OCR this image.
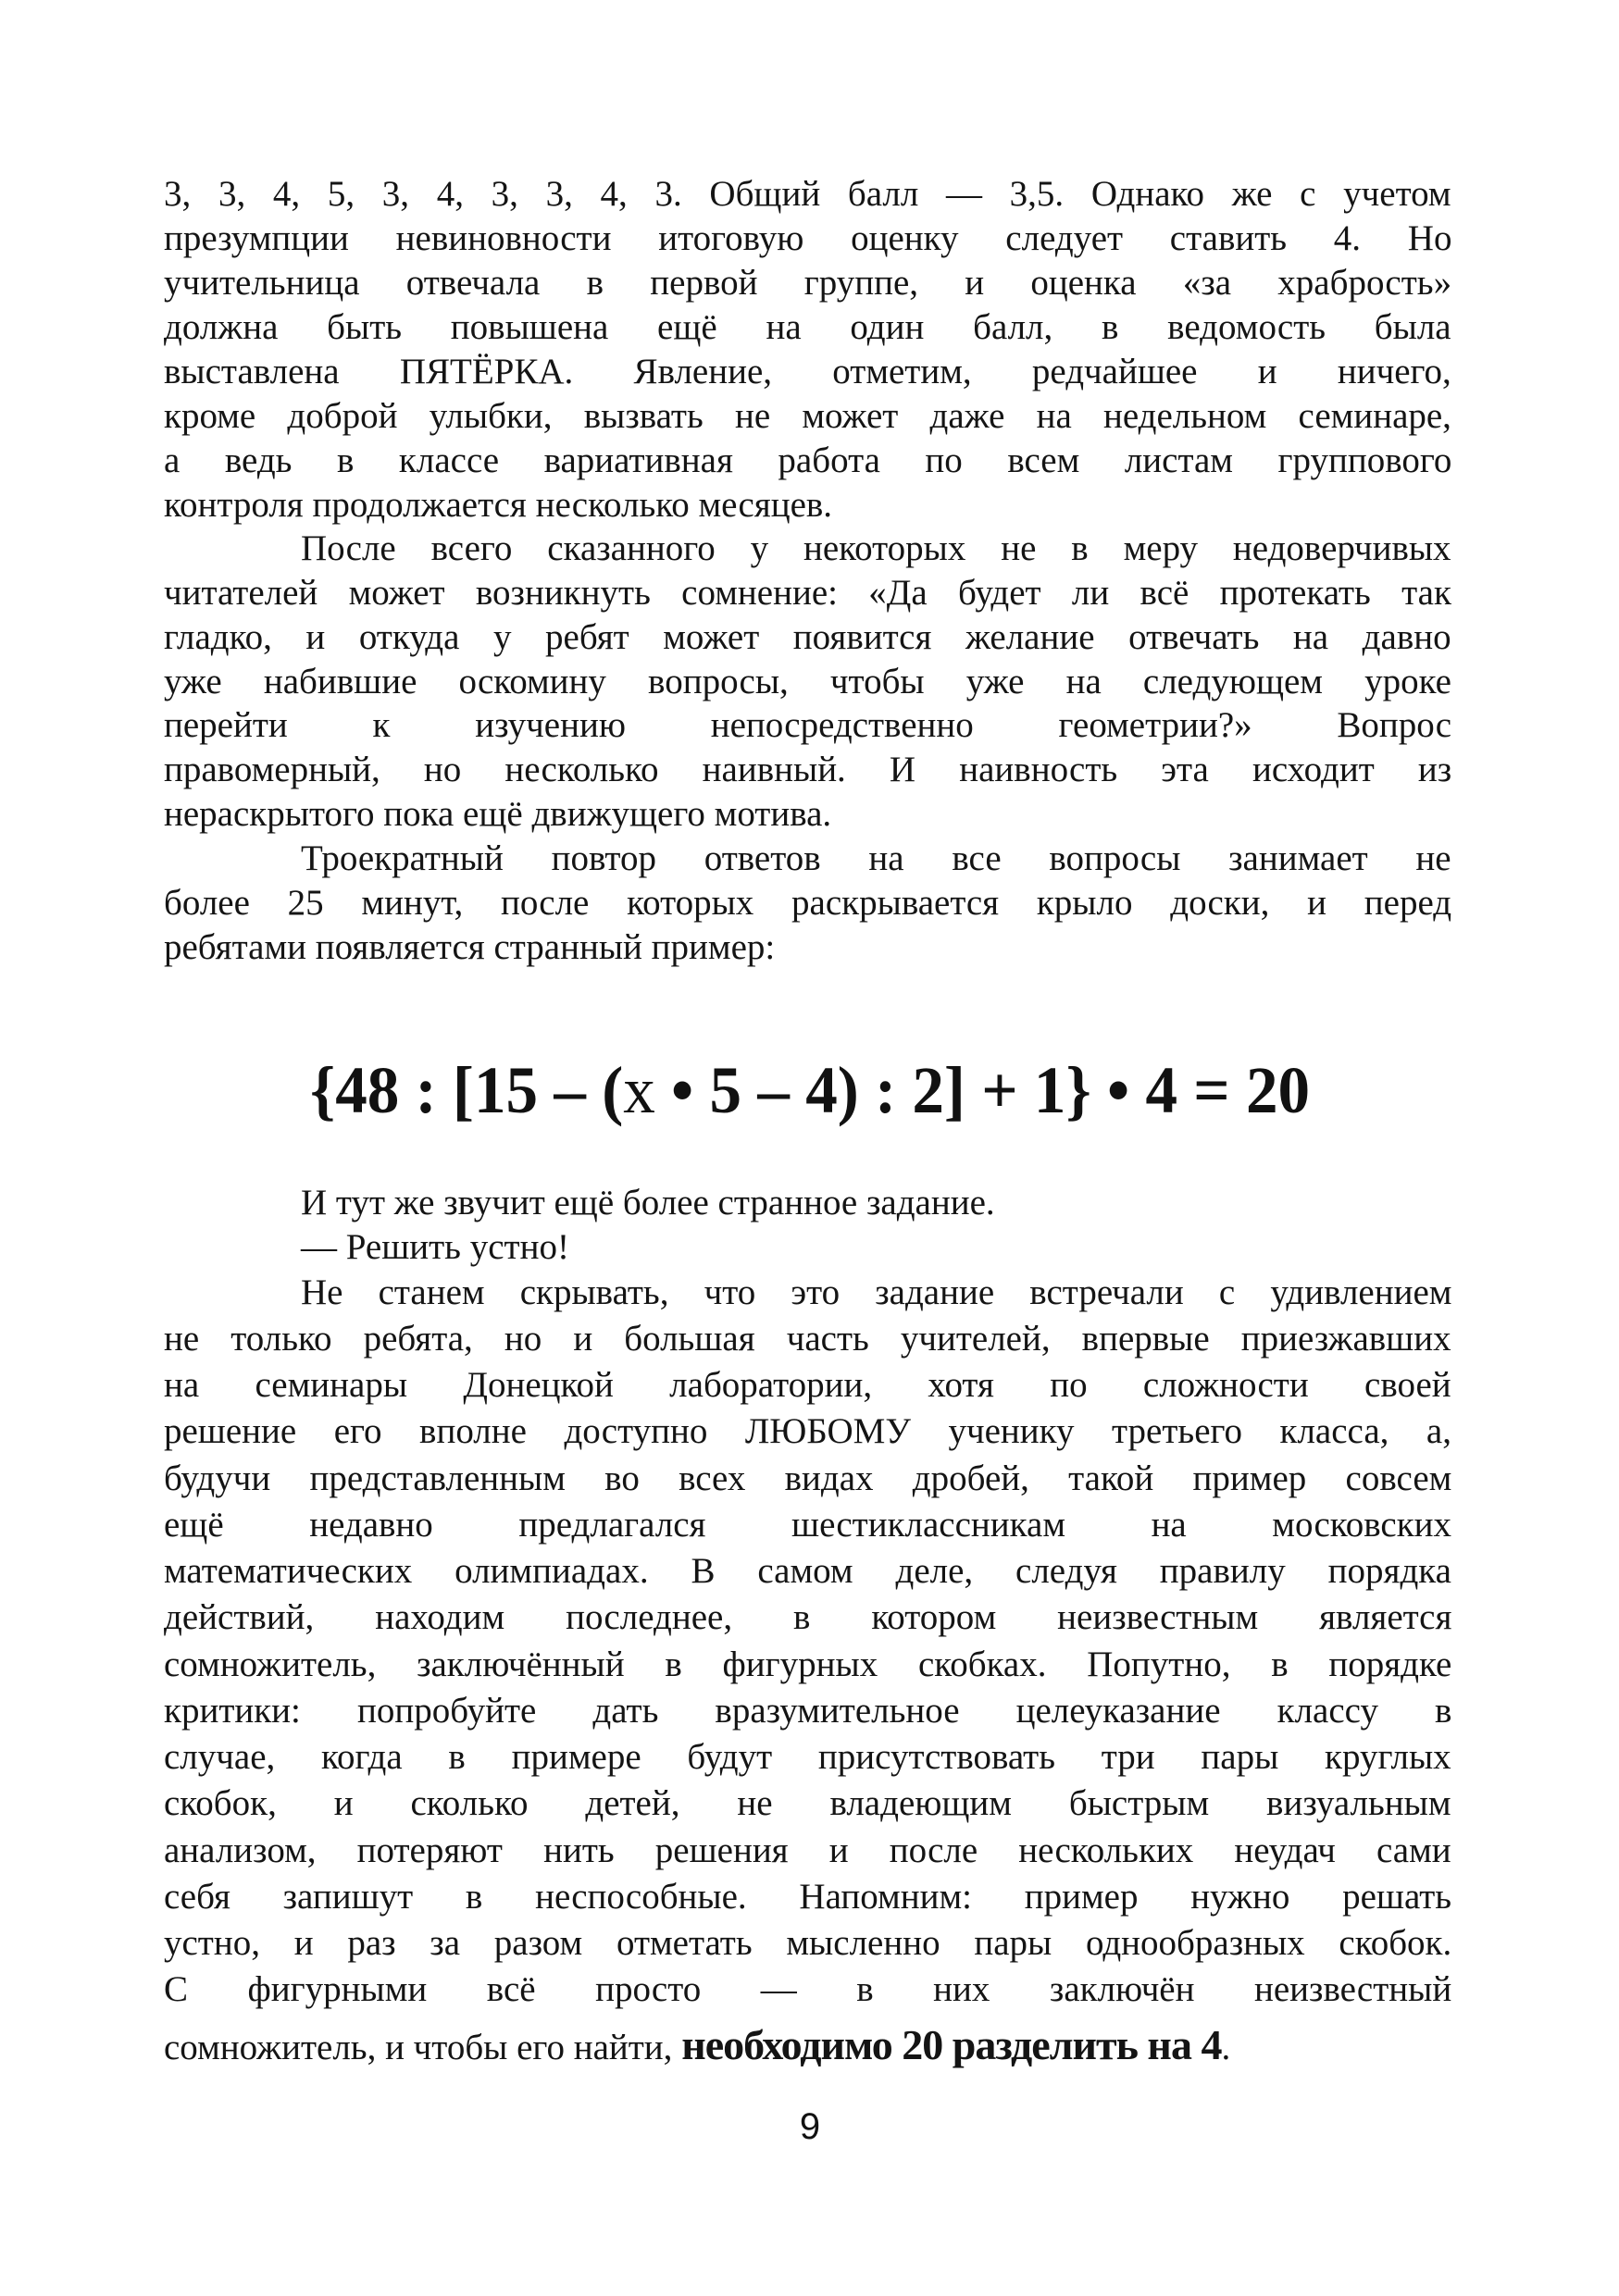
3, 3, 4, 5, 3, 4, 3, 3, 4, 3. Общий балл — 3,5. Однако же с учетом
презумпции невиновности итоговую оценку следует ставить 4. Но
учительница отвечала в первой группе, и оценка «за храбрость»
должна быть повышена ещё на один балл, в ведомость была
выставлена ПЯТЁРКА. Явление, отметим, редчайшее и ничего,
кроме доброй улыбки, вызвать не может даже на недельном семинаре,
а ведь в классе вариативная работа по всем листам группового
контроля продолжается несколько месяцев.
После всего сказанного у некоторых не в меру недоверчивых
читателей может возникнуть сомнение: «Да будет ли всё протекать так
гладко, и откуда у ребят может появится желание отвечать на давно
уже набившие оскомину вопросы, чтобы уже на следующем уроке
перейти к изучению непосредственно геометрии?» Вопрос
правомерный, но несколько наивный. И наивность эта исходит из
нераскрытого пока ещё движущего мотива.
Троекратный повтор ответов на все вопросы занимает не
более 25 минут, после которых раскрывается крыло доски, и перед
ребятами появляется странный пример:
{48 : [15 – (x • 5 – 4) : 2] + 1} • 4 = 20
И тут же звучит ещё более странное задание.
— Решить устно!
Не станем скрывать, что это задание встречали с удивлением
не только ребята, но и большая часть учителей, впервые приезжавших
на семинары Донецкой лаборатории, хотя по сложности своей
решение его вполне доступно ЛЮБОМУ ученику третьего класса, а,
будучи представленным во всех видах дробей, такой пример совсем
ещё недавно предлагался шестиклассникам на московских
математических олимпиадах. В самом деле, следуя правилу порядка
действий, находим последнее, в котором неизвестным является
сомножитель, заключённый в фигурных скобках. Попутно, в порядке
критики: попробуйте дать вразумительное целеуказание классу в
случае, когда в примере будут присутствовать три пары круглых
скобок, и сколько детей, не владеющим быстрым визуальным
анализом, потеряют нить решения и после нескольких неудач сами
себя запишут в неспособные. Напомним: пример нужно решать
устно, и раз за разом отметать мысленно пары однообразных скобок.
С фигурными всё просто — в них заключён неизвестный
сомножитель, и чтобы его найти, необходимо 20 разделить на 4.
9
